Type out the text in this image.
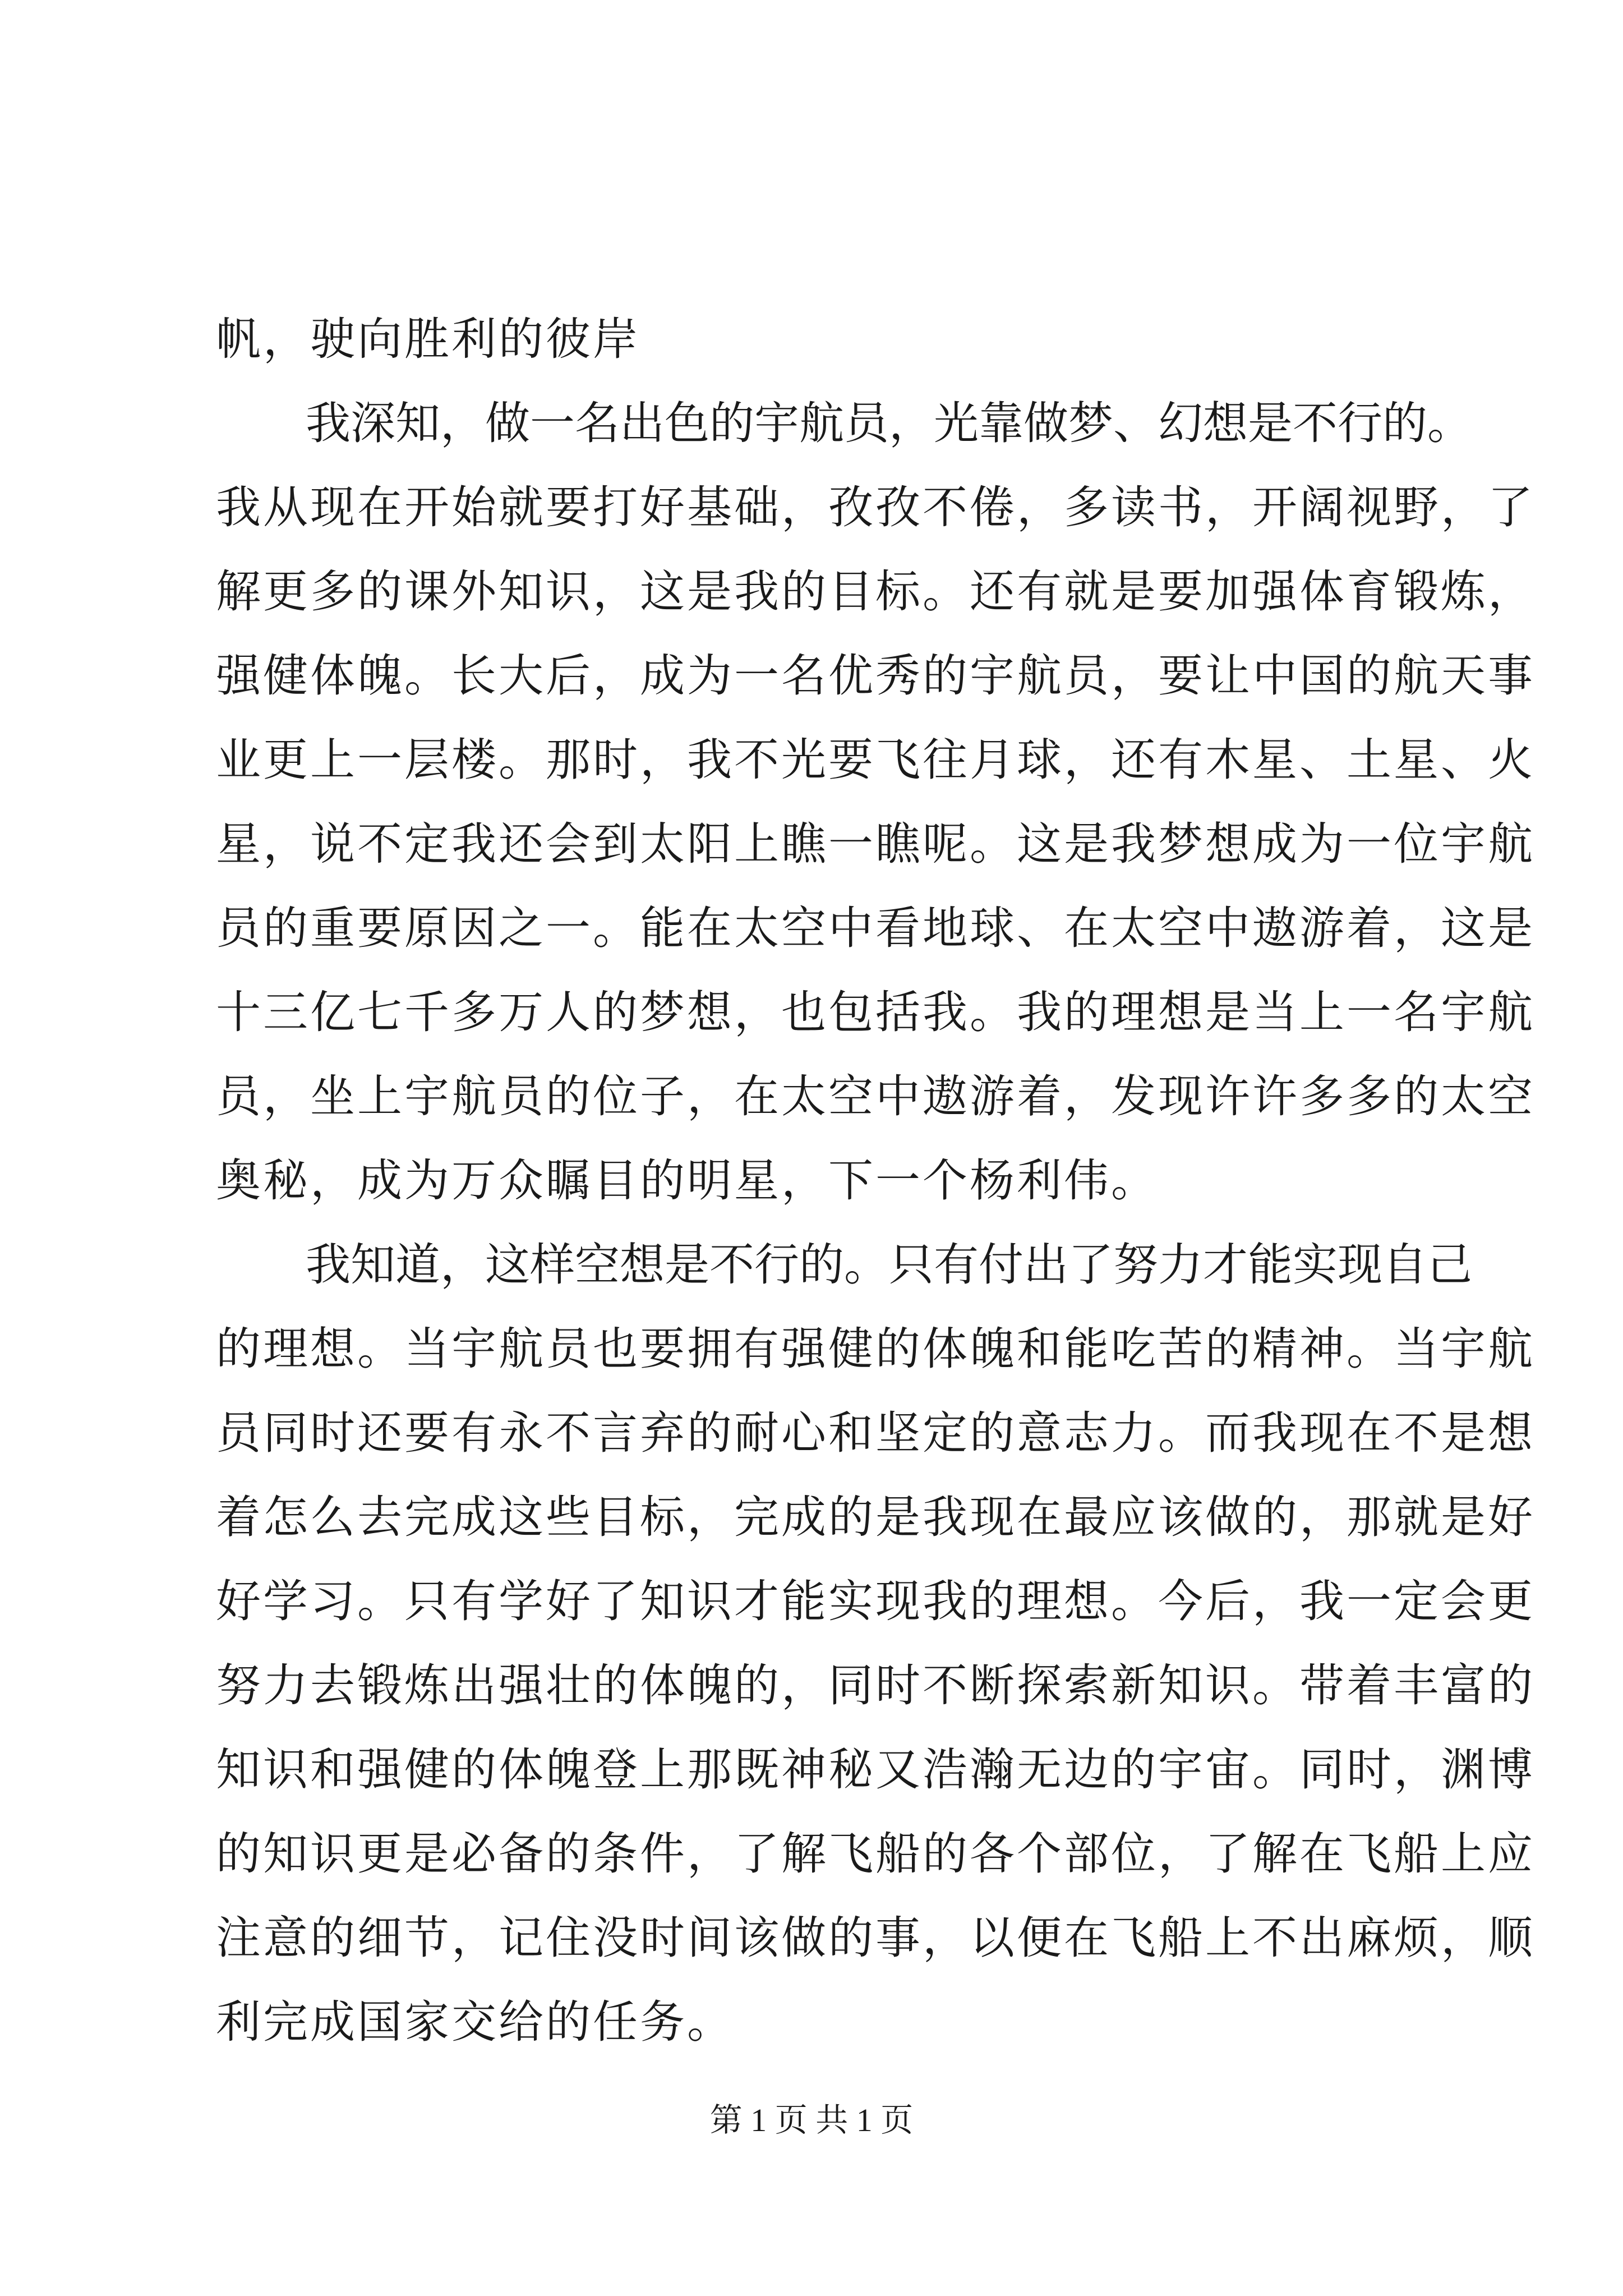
帆，驶向胜利的彼岸
　　我深知，做一名出色的宇航员，光靠做梦、幻想是不行的。
我从现在开始就要打好基础，孜孜不倦，多读书，开阔视野，了
解更多的课外知识，这是我的目标。还有就是要加强体育锻炼，
强健体魄。长大后，成为一名优秀的宇航员，要让中国的航天事
业更上一层楼。那时，我不光要飞往月球，还有木星、土星、火
星，说不定我还会到太阳上瞧一瞧呢。这是我梦想成为一位宇航
员的重要原因之一。能在太空中看地球、在太空中遨游着，这是
十三亿七千多万人的梦想，也包括我。我的理想是当上一名宇航
员，坐上宇航员的位子，在太空中遨游着，发现许许多多的太空
奥秘，成为万众瞩目的明星，下一个杨利伟。
　　我知道，这样空想是不行的。只有付出了努力才能实现自己
的理想。当宇航员也要拥有强健的体魄和能吃苦的精神。当宇航
员同时还要有永不言弃的耐心和坚定的意志力。而我现在不是想
着怎么去完成这些目标，完成的是我现在最应该做的，那就是好
好学习。只有学好了知识才能实现我的理想。今后，我一定会更
努力去锻炼出强壮的体魄的，同时不断探索新知识。带着丰富的
知识和强健的体魄登上那既神秘又浩瀚无边的宇宙。同时，渊博
的知识更是必备的条件，了解飞船的各个部位，了解在飞船上应
注意的细节，记住没时间该做的事，以便在飞船上不出麻烦，顺
利完成国家交给的任务。
第 1 页 共 1 页
